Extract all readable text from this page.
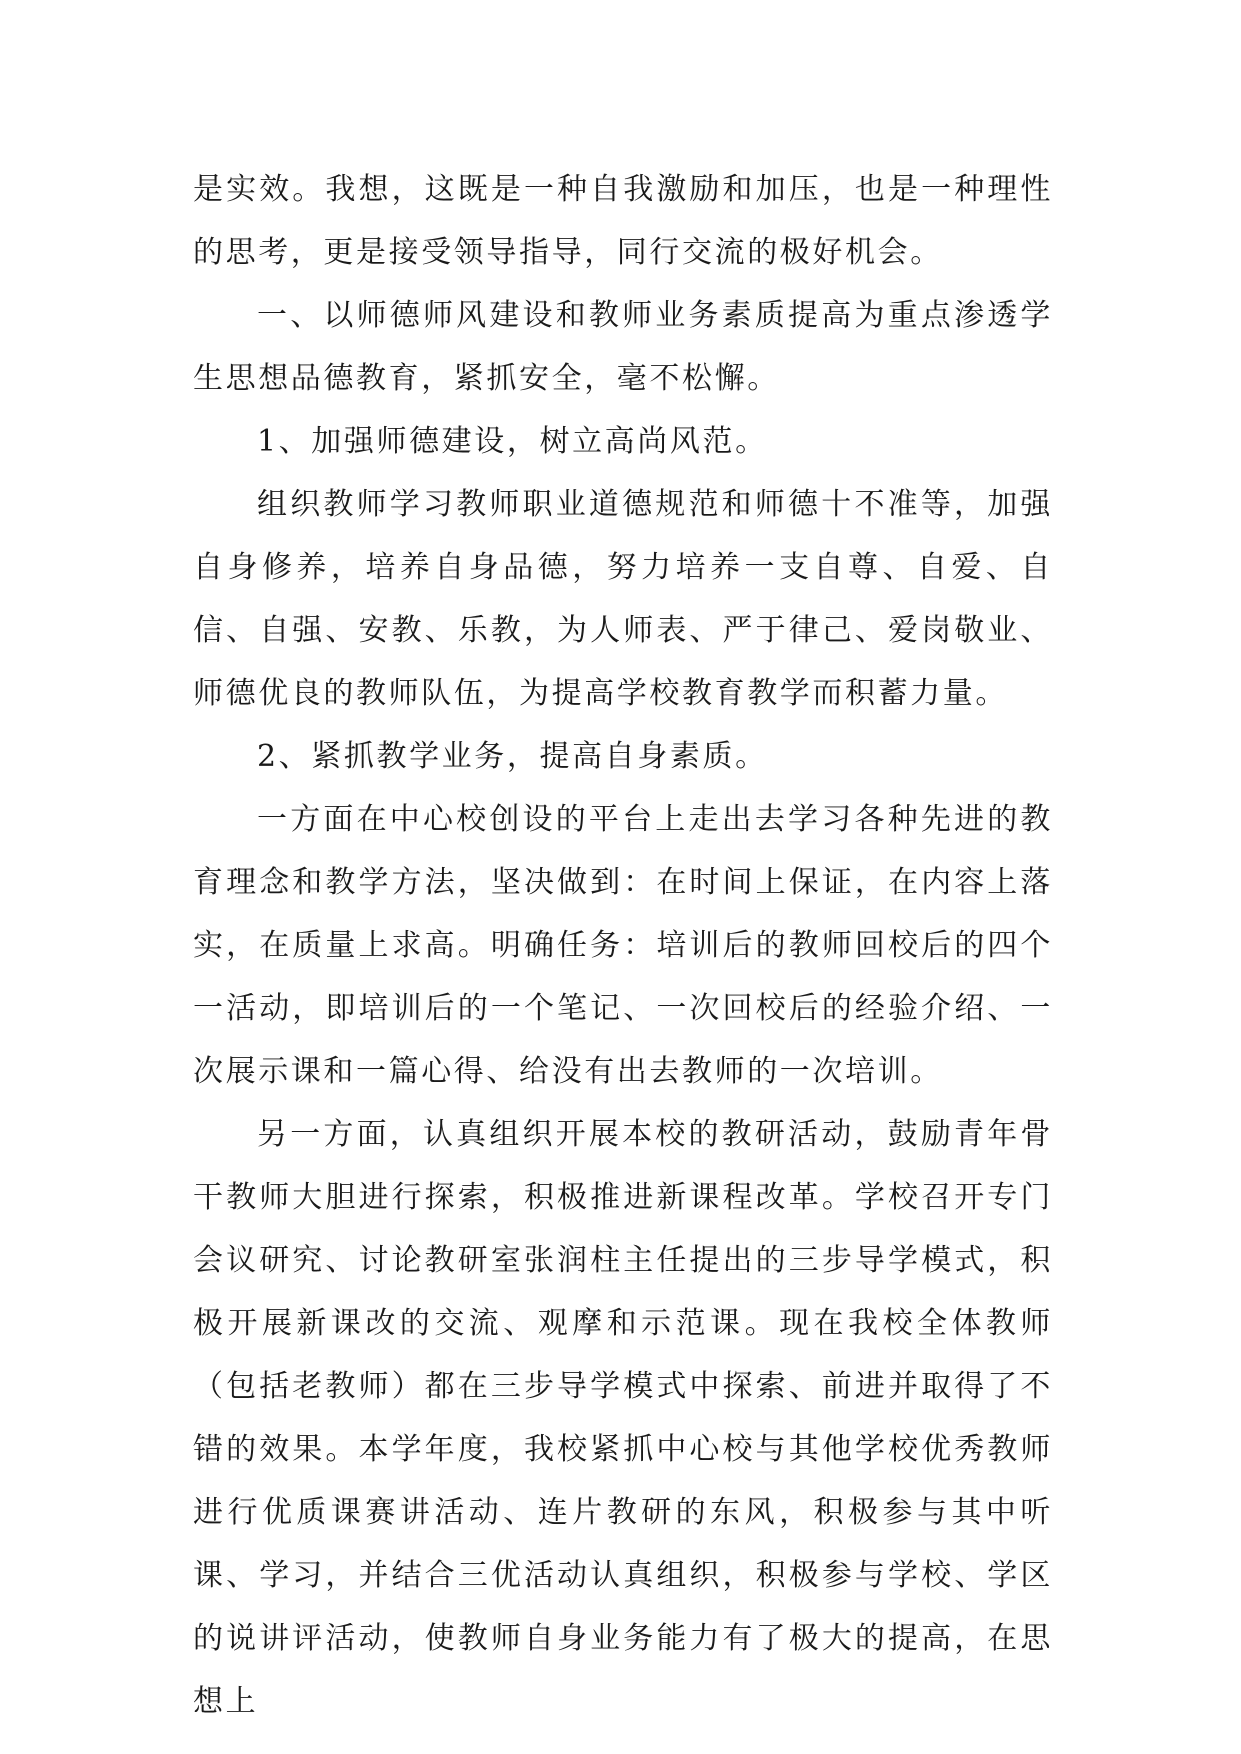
是实效。我想，这既是一种自我激励和加压，也是一种理性的思考，更是接受领导指导，同行交流的极好机会。

一、以师德师风建设和教师业务素质提高为重点渗透学生思想品德教育，紧抓安全，毫不松懈。

1、加强师德建设，树立高尚风范。

组织教师学习教师职业道德规范和师德十不准等，加强自身修养，培养自身品德，努力培养一支自尊、自爱、自信、自强、安教、乐教，为人师表、严于律己、爱岗敬业、师德优良的教师队伍，为提高学校教育教学而积蓄力量。

2、紧抓教学业务，提高自身素质。

一方面在中心校创设的平台上走出去学习各种先进的教育理念和教学方法，坚决做到：在时间上保证，在内容上落实，在质量上求高。明确任务：培训后的教师回校后的四个一活动，即培训后的一个笔记、一次回校后的经验介绍、一次展示课和一篇心得、给没有出去教师的一次培训。

另一方面，认真组织开展本校的教研活动，鼓励青年骨干教师大胆进行探索，积极推进新课程改革。学校召开专门会议研究、讨论教研室张润柱主任提出的三步导学模式，积极开展新课改的交流、观摩和示范课。现在我校全体教师（包括老教师）都在三步导学模式中探索、前进并取得了不错的效果。本学年度，我校紧抓中心校与其他学校优秀教师进行优质课赛讲活动、连片教研的东风，积极参与其中听课、学习，并结合三优活动认真组织，积极参与学校、学区的说讲评活动，使教师自身业务能力有了极大的提高，在思想上
